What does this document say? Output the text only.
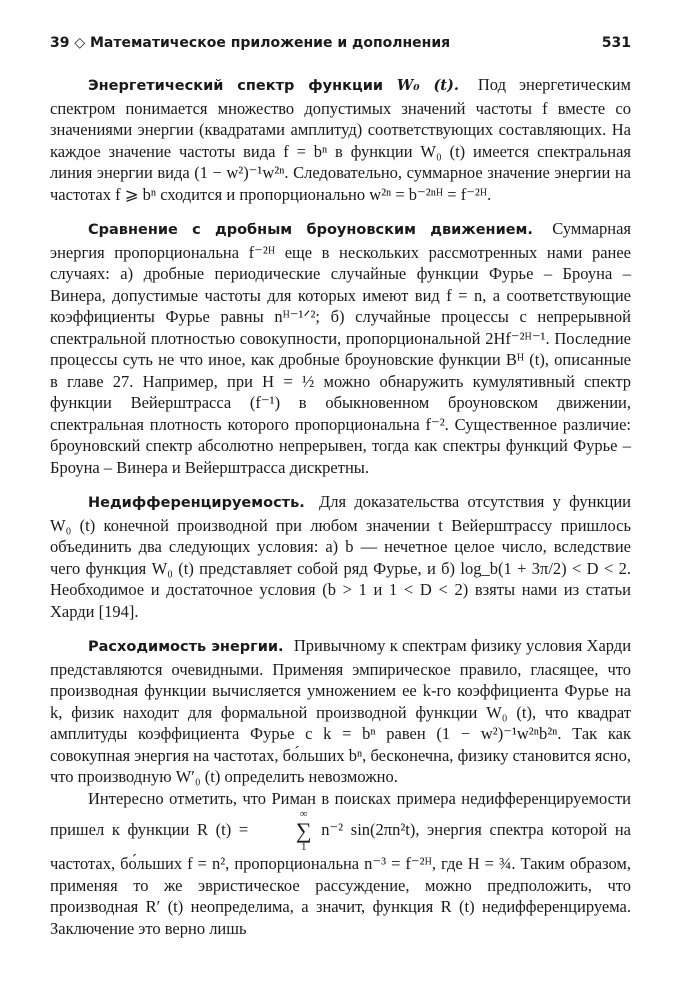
39 ◇ Математическое приложение и дополнения	531

Энергетический спектр функции W₀ (t). Под энергетическим спектром понимается множество допустимых значений частоты f вместе со значениями энергии (квадратами амплитуд) соответствующих составляющих. На каждое значение частоты вида f = bⁿ в функции W₀ (t) имеется спектральная линия энергии вида (1 − w²)⁻¹w²ⁿ. Следовательно, суммарное значение энергии на частотах f ⩾ bⁿ сходится и пропорционально w²ⁿ = b⁻²ⁿᴴ = f⁻²ᴴ.

Сравнение с дробным броуновским движением. Суммарная энергия пропорциональна f⁻²ᴴ еще в нескольких рассмотренных нами ранее случаях: а) дробные периодические случайные функции Фурье – Броуна – Винера, допустимые частоты для которых имеют вид f = n, а соответствующие коэффициенты Фурье равны nᴴ⁻¹ᐟ²; б) случайные процессы с непрерывной спектральной плотностью совокупности, пропорциональной 2Hf⁻²ᴴ⁻¹. Последние процессы суть не что иное, как дробные броуновские функции Bᴴ (t), описанные в главе 27. Например, при H = ½ можно обнаружить кумулятивный спектр функции Вейерштрасса (f⁻¹) в обыкновенном броуновском движении, спектральная плотность которого пропорциональна f⁻². Существенное различие: броуновский спектр абсолютно непрерывен, тогда как спектры функций Фурье – Броуна – Винера и Вейерштрасса дискретны.

Недифференцируемость. Для доказательства отсутствия у функции W₀ (t) конечной производной при любом значении t Вейерштрассу пришлось объединить два следующих условия: а) b — нечетное целое число, вследствие чего функция W₀ (t) представляет собой ряд Фурье, и б) log_b(1 + 3π/2) < D < 2. Необходимое и достаточное условия (b > 1 и 1 < D < 2) взяты нами из статьи Харди [194].

Расходимость энергии. Привычному к спектрам физику условия Харди представляются очевидными. Применяя эмпирическое правило, гласящее, что производная функции вычисляется умножением ее k-го коэффициента Фурье на k, физик находит для формальной производной функции W₀ (t), что квадрат амплитуды коэффициента Фурье с k = bⁿ равен (1 − w²)⁻¹w²ⁿb²ⁿ. Так как совокупная энергия на частотах, бо́льших bⁿ, бесконечна, физику становится ясно, что производную W′₀ (t) определить невозможно.

Интересно отметить, что Риман в поисках примера недифференцируемости пришел к функции R (t) =
∞
∑
1
n⁻² sin(2πn²t), энергия спектра которой на частотах, бо́льших f = n², пропорциональна n⁻³ = f⁻²ᴴ, где H = ¾. Таким образом, применяя то же эвристическое рассуждение, можно предположить, что производная R′ (t) неопределима, а значит, функция R (t) недифференцируема. Заключение это верно лишь
